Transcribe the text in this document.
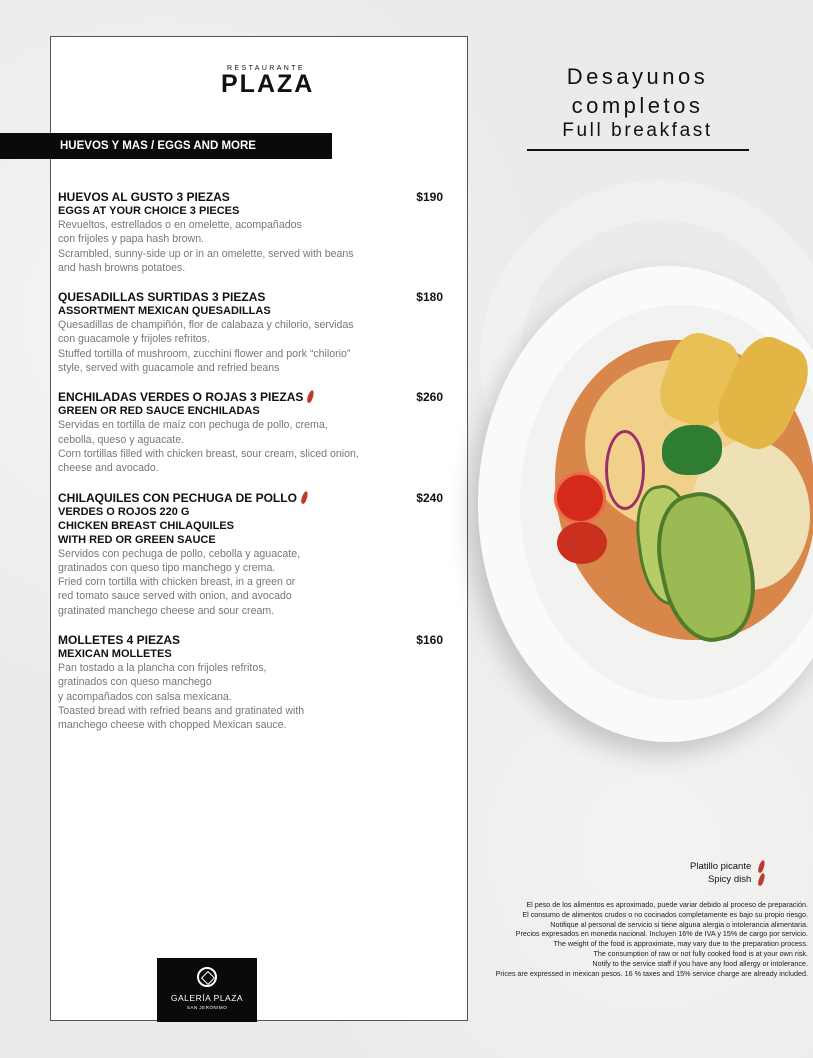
RESTAURANTE
PLAZA
HUEVOS Y MAS / EGGS AND MORE
HUEVOS AL GUSTO 3 PIEZAS	$190
EGGS AT YOUR CHOICE 3 PIECES
Revueltos, estrellados o en omelette, acompañados
con frijoles y papa hash brown.
Scrambled, sunny-side up or in an omelette, served with beans
and hash browns potatoes.
QUESADILLAS SURTIDAS 3 PIEZAS	$180
ASSORTMENT MEXICAN QUESADILLAS
Quesadillas de champiñón, flor de calabaza y chilorio, servidas
con guacamole y frijoles refritos.
Stuffed tortilla of mushroom, zucchini flower and pork “chilorio”
style, served with guacamole and refried beans
ENCHILADAS VERDES O ROJAS 3 PIEZAS	$260
GREEN OR RED SAUCE ENCHILADAS
Servidas en tortilla de maíz con pechuga de pollo, crema,
cebolla, queso y aguacate.
Corn tortillas filled with chicken breast, sour cream, sliced onion,
cheese and avocado.
CHILAQUILES CON PECHUGA DE POLLO	$240
VERDES O ROJOS 220 G
CHICKEN BREAST CHILAQUILES
WITH RED OR GREEN SAUCE
Servidos con pechuga de pollo, cebolla y aguacate,
gratinados con queso tipo manchego y crema.
Fried corn tortilla with chicken breast, in a green or
red tomato sauce served with onion, and avocado
gratinated manchego cheese and sour cream.
MOLLETES 4 PIEZAS	$160
MEXICAN MOLLETES
Pan tostado a la plancha con frijoles refritos,
gratinados con queso manchego
y acompañados con salsa mexicana.
Toasted bread with refried beans and gratinated with
manchego cheese with chopped Mexican sauce.
GALERÍA PLAZA
SAN JERÓNIMO
Desayunos
completos
Full breakfast
Platillo picante
Spicy dish
El peso de los alimentos es aproximado, puede variar debido al proceso de preparación.
El consumo de alimentos crudos o no cocinados completamente es bajo su propio riesgo.
Notifique al personal de servicio si tiene alguna alergia o intolerancia alimentaria.
Precios expresados en moneda nacional. Incluyen 16% de IVA y 15% de cargo por servicio.
The weight of the food is approximate, may vary due to the preparation process.
The consumption of raw or not fully cooked food is at your own risk.
Notify to the service staff if you have any food allergy or intolerance.
Prices are expressed in mexican pesos. 16 % taxes and 15% service charge are already included.
